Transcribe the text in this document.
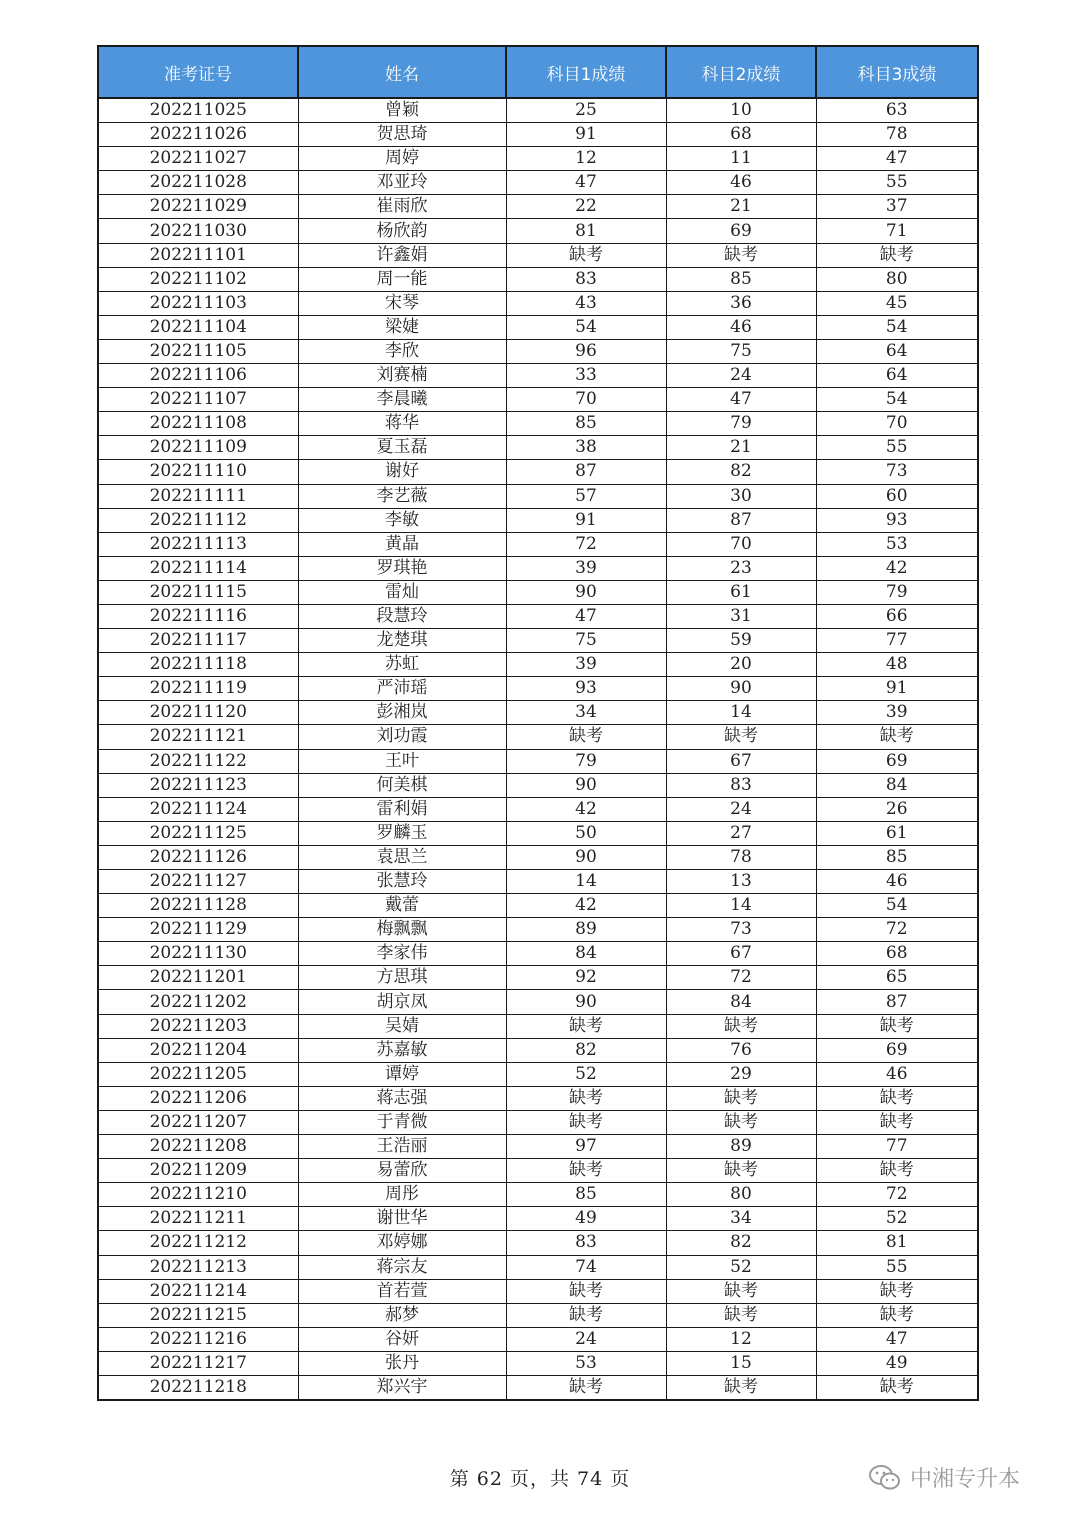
准考证号	姓名	科目1成绩	科目2成绩	科目3成绩
202211025	曾颖	25	10	63
202211026	贺思琦	91	68	78
202211027	周婷	12	11	47
202211028	邓亚玲	47	46	55
202211029	崔雨欣	22	21	37
202211030	杨欣韵	81	69	71
202211101	许鑫娟	缺考	缺考	缺考
202211102	周一能	83	85	80
202211103	宋琴	43	36	45
202211104	梁婕	54	46	54
202211105	李欣	96	75	64
202211106	刘赛楠	33	24	64
202211107	李晨曦	70	47	54
202211108	蒋华	85	79	70
202211109	夏玉磊	38	21	55
202211110	谢好	87	82	73
202211111	李艺薇	57	30	60
202211112	李敏	91	87	93
202211113	黄晶	72	70	53
202211114	罗琪艳	39	23	42
202211115	雷灿	90	61	79
202211116	段慧玲	47	31	66
202211117	龙楚琪	75	59	77
202211118	苏虹	39	20	48
202211119	严沛瑶	93	90	91
202211120	彭湘岚	34	14	39
202211121	刘功霞	缺考	缺考	缺考
202211122	王叶	79	67	69
202211123	何美棋	90	83	84
202211124	雷利娟	42	24	26
202211125	罗麟玉	50	27	61
202211126	袁思兰	90	78	85
202211127	张慧玲	14	13	46
202211128	戴蕾	42	14	54
202211129	梅飘飘	89	73	72
202211130	李家伟	84	67	68
202211201	方思琪	92	72	65
202211202	胡京凤	90	84	87
202211203	吴婧	缺考	缺考	缺考
202211204	苏嘉敏	82	76	69
202211205	谭婷	52	29	46
202211206	蒋志强	缺考	缺考	缺考
202211207	于青微	缺考	缺考	缺考
202211208	王浩丽	97	89	77
202211209	易蕾欣	缺考	缺考	缺考
202211210	周彤	85	80	72
202211211	谢世华	49	34	52
202211212	邓婷娜	83	82	81
202211213	蒋宗友	74	52	55
202211214	首若萱	缺考	缺考	缺考
202211215	郝梦	缺考	缺考	缺考
202211216	谷妍	24	12	47
202211217	张丹	53	15	49
202211218	郑兴宇	缺考	缺考	缺考
第 62 页，共 74 页	中湘专升本
